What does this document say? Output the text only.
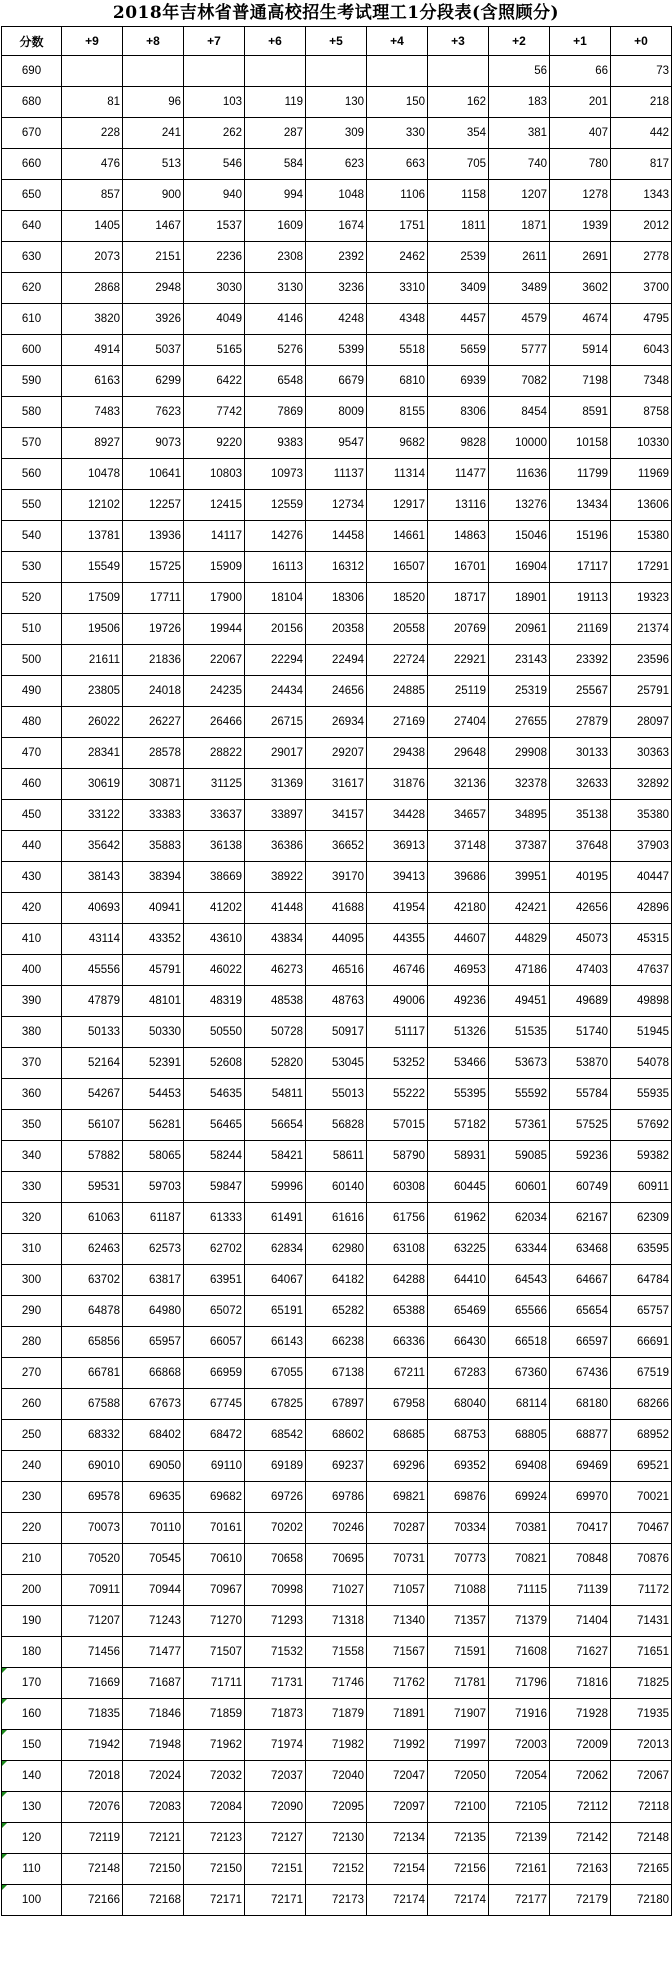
2018年吉林省普通高校招生考试理工1分段表(含照顾分)
分数	+9	+8	+7	+6	+5	+4	+3	+2	+1	+0
690								56	66	73
680	81	96	103	119	130	150	162	183	201	218
670	228	241	262	287	309	330	354	381	407	442
660	476	513	546	584	623	663	705	740	780	817
650	857	900	940	994	1048	1106	1158	1207	1278	1343
640	1405	1467	1537	1609	1674	1751	1811	1871	1939	2012
630	2073	2151	2236	2308	2392	2462	2539	2611	2691	2778
620	2868	2948	3030	3130	3236	3310	3409	3489	3602	3700
610	3820	3926	4049	4146	4248	4348	4457	4579	4674	4795
600	4914	5037	5165	5276	5399	5518	5659	5777	5914	6043
590	6163	6299	6422	6548	6679	6810	6939	7082	7198	7348
580	7483	7623	7742	7869	8009	8155	8306	8454	8591	8758
570	8927	9073	9220	9383	9547	9682	9828	10000	10158	10330
560	10478	10641	10803	10973	11137	11314	11477	11636	11799	11969
550	12102	12257	12415	12559	12734	12917	13116	13276	13434	13606
540	13781	13936	14117	14276	14458	14661	14863	15046	15196	15380
530	15549	15725	15909	16113	16312	16507	16701	16904	17117	17291
520	17509	17711	17900	18104	18306	18520	18717	18901	19113	19323
510	19506	19726	19944	20156	20358	20558	20769	20961	21169	21374
500	21611	21836	22067	22294	22494	22724	22921	23143	23392	23596
490	23805	24018	24235	24434	24656	24885	25119	25319	25567	25791
480	26022	26227	26466	26715	26934	27169	27404	27655	27879	28097
470	28341	28578	28822	29017	29207	29438	29648	29908	30133	30363
460	30619	30871	31125	31369	31617	31876	32136	32378	32633	32892
450	33122	33383	33637	33897	34157	34428	34657	34895	35138	35380
440	35642	35883	36138	36386	36652	36913	37148	37387	37648	37903
430	38143	38394	38669	38922	39170	39413	39686	39951	40195	40447
420	40693	40941	41202	41448	41688	41954	42180	42421	42656	42896
410	43114	43352	43610	43834	44095	44355	44607	44829	45073	45315
400	45556	45791	46022	46273	46516	46746	46953	47186	47403	47637
390	47879	48101	48319	48538	48763	49006	49236	49451	49689	49898
380	50133	50330	50550	50728	50917	51117	51326	51535	51740	51945
370	52164	52391	52608	52820	53045	53252	53466	53673	53870	54078
360	54267	54453	54635	54811	55013	55222	55395	55592	55784	55935
350	56107	56281	56465	56654	56828	57015	57182	57361	57525	57692
340	57882	58065	58244	58421	58611	58790	58931	59085	59236	59382
330	59531	59703	59847	59996	60140	60308	60445	60601	60749	60911
320	61063	61187	61333	61491	61616	61756	61962	62034	62167	62309
310	62463	62573	62702	62834	62980	63108	63225	63344	63468	63595
300	63702	63817	63951	64067	64182	64288	64410	64543	64667	64784
290	64878	64980	65072	65191	65282	65388	65469	65566	65654	65757
280	65856	65957	66057	66143	66238	66336	66430	66518	66597	66691
270	66781	66868	66959	67055	67138	67211	67283	67360	67436	67519
260	67588	67673	67745	67825	67897	67958	68040	68114	68180	68266
250	68332	68402	68472	68542	68602	68685	68753	68805	68877	68952
240	69010	69050	69110	69189	69237	69296	69352	69408	69469	69521
230	69578	69635	69682	69726	69786	69821	69876	69924	69970	70021
220	70073	70110	70161	70202	70246	70287	70334	70381	70417	70467
210	70520	70545	70610	70658	70695	70731	70773	70821	70848	70876
200	70911	70944	70967	70998	71027	71057	71088	71115	71139	71172
190	71207	71243	71270	71293	71318	71340	71357	71379	71404	71431
180	71456	71477	71507	71532	71558	71567	71591	71608	71627	71651
170	71669	71687	71711	71731	71746	71762	71781	71796	71816	71825
160	71835	71846	71859	71873	71879	71891	71907	71916	71928	71935
150	71942	71948	71962	71974	71982	71992	71997	72003	72009	72013
140	72018	72024	72032	72037	72040	72047	72050	72054	72062	72067
130	72076	72083	72084	72090	72095	72097	72100	72105	72112	72118
120	72119	72121	72123	72127	72130	72134	72135	72139	72142	72148
110	72148	72150	72150	72151	72152	72154	72156	72161	72163	72165
100	72166	72168	72171	72171	72173	72174	72174	72177	72179	72180
